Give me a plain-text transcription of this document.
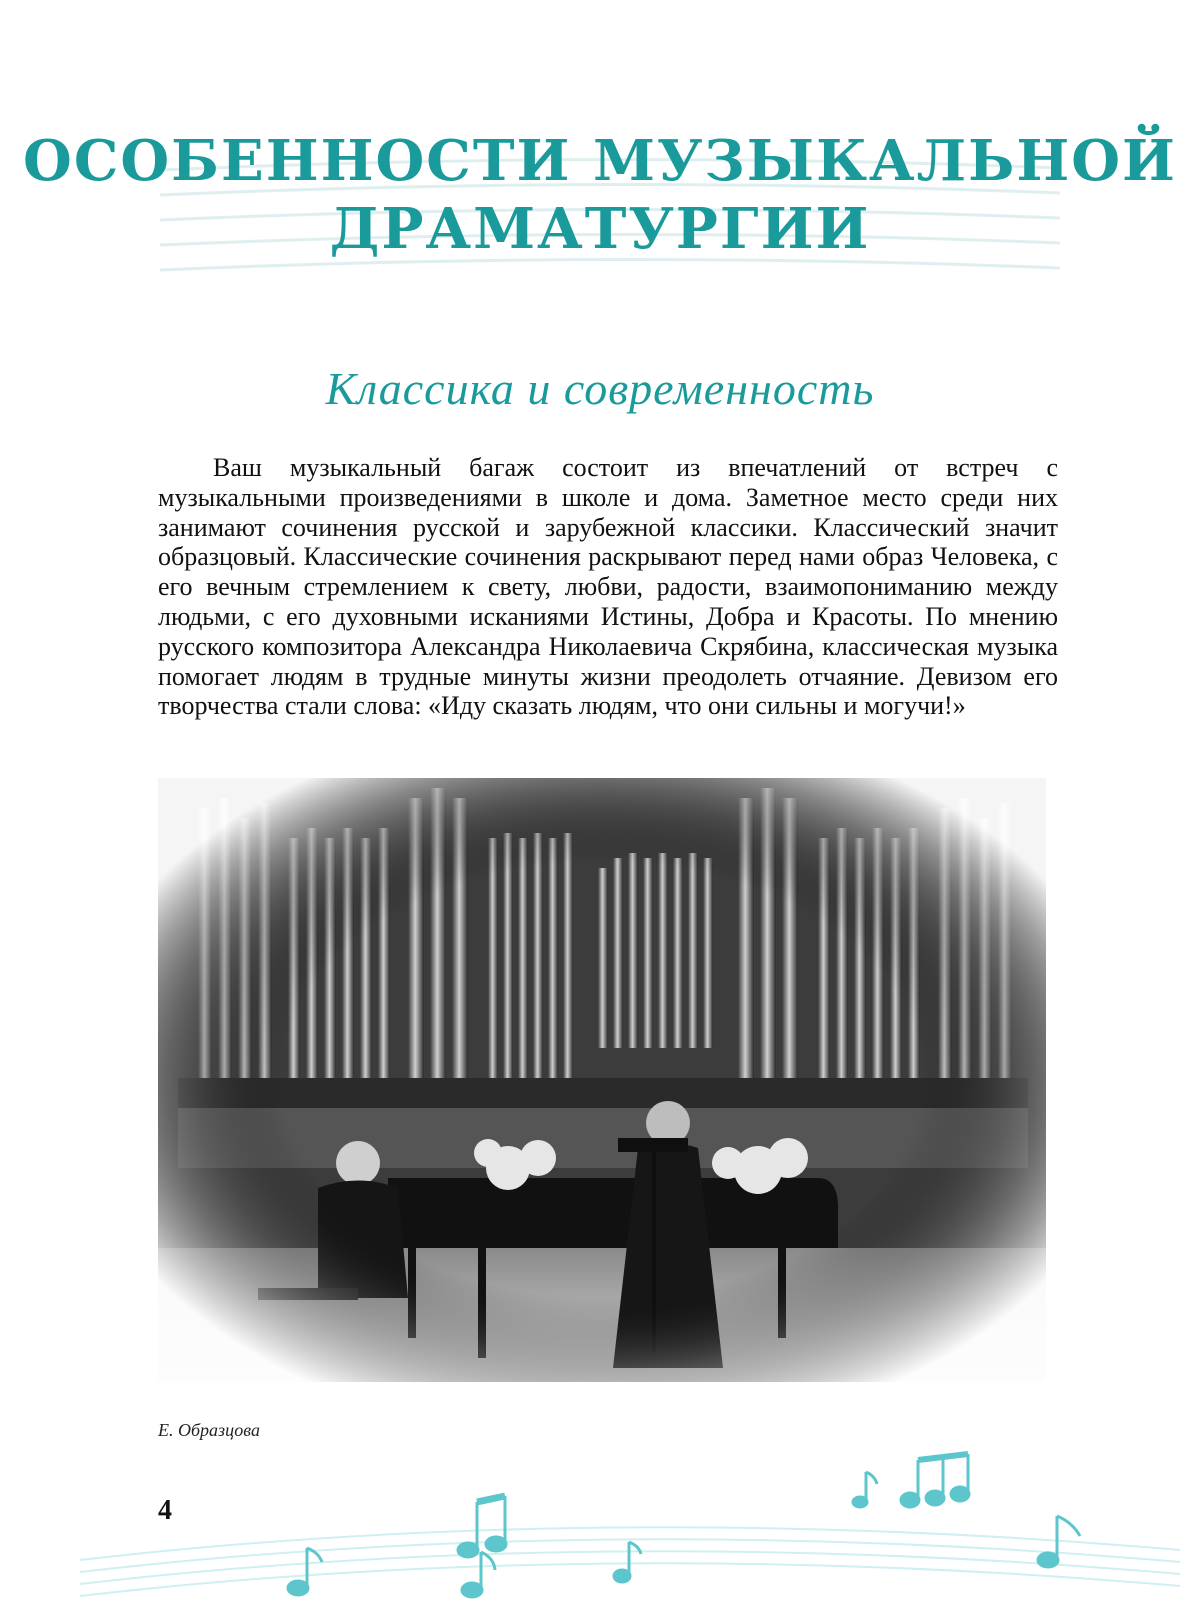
ОСОБЕННОСТИ МУЗЫКАЛЬНОЙ
ДРАМАТУРГИИ
Классика и современность

Ваш музыкальный багаж состоит из впечатлений от встреч с музыкальными произведениями в школе и дома. Заметное место среди них занимают сочинения русской и зарубежной классики. Классический значит образцовый. Классические сочинения раскрывают перед нами образ Человека, с его вечным стремлением к свету, любви, радости, взаимопониманию между людьми, с его духовными исканиями Истины, Добра и Красоты. По мнению русского композитора Александра Николаевича Скрябина, классическая музыка помогает людям в трудные минуты жизни преодолеть отчаяние. Девизом его творчества стали слова: «Иду сказать людям, что они сильны и могучи!»

Е. Образцова
4
